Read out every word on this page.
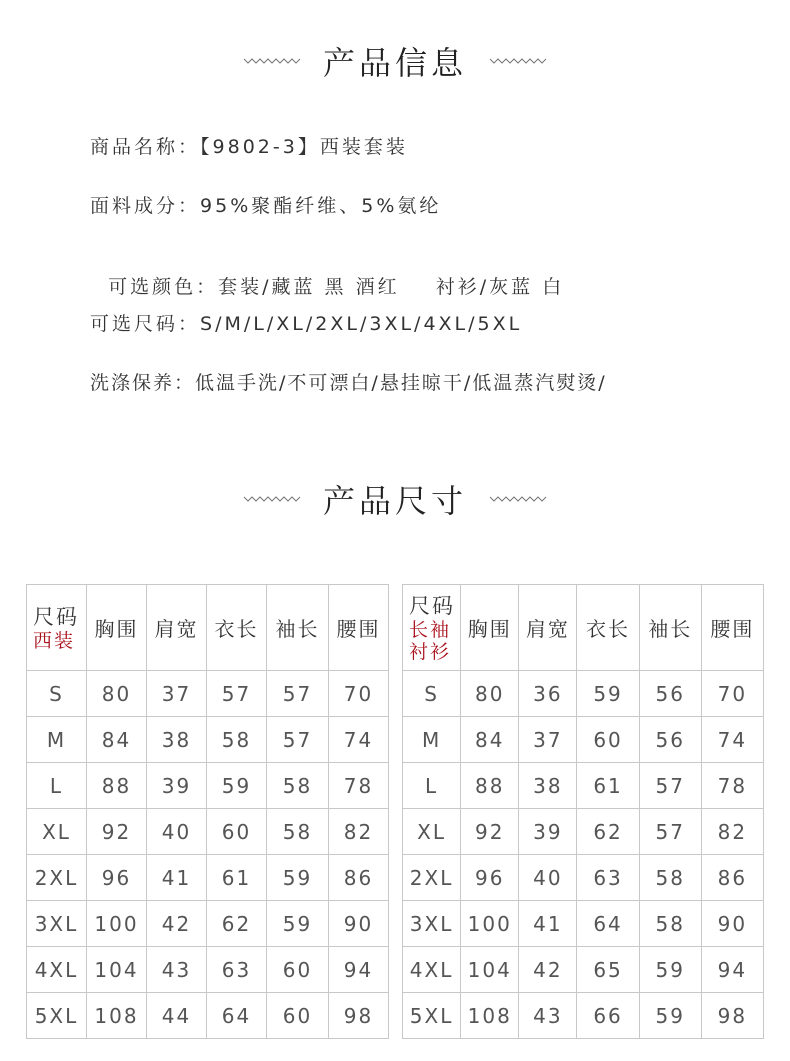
产品信息
商品名称：【9802-3】西装套装
面料成分：95%聚酯纤维、5%氨纶

可选颜色：套装/藏蓝 黑 酒红    衬衫/灰蓝 白

可选尺码：S/M/L/XL/2XL/3XL/4XL/5XL
洗涤保养：低温手洗/不可漂白/悬挂晾干/低温蒸汽熨烫/
产品尺寸
尺码
西装	胸围	肩宽	衣长	袖长	腰围
S	80	37	57	57	70
M	84	38	58	57	74
L	88	39	59	58	78
XL	92	40	60	58	82
2XL	96	41	61	59	86
3XL	100	42	62	59	90
4XL	104	43	63	60	94
5XL	108	44	64	60	98
尺码
长袖衬衫	胸围	肩宽	衣长	袖长	腰围
S	80	36	59	56	70
M	84	37	60	56	74
L	88	38	61	57	78
XL	92	39	62	57	82
2XL	96	40	63	58	86
3XL	100	41	64	58	90
4XL	104	42	65	59	94
5XL	108	43	66	59	98
